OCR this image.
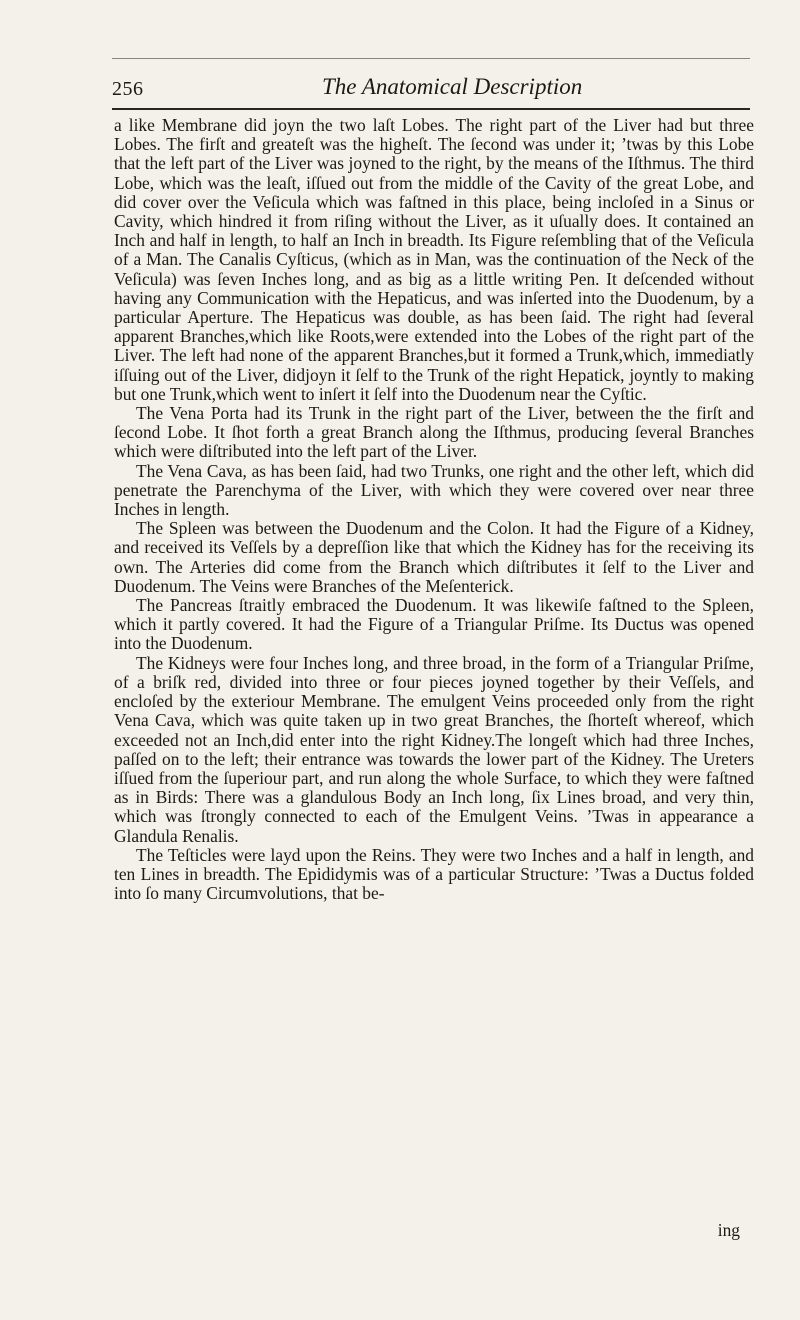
256	The Anatomical Description

a like Membrane did joyn the two laſt Lobes. The right part of the Liver had but three Lobes. The firſt and greateſt was the higheſt. The ſecond was under it; ’twas by this Lobe that the left part of the Liver was joyned to the right, by the means of the Iſthmus. The third Lobe, which was the leaſt, iſſued out from the middle of the Cavity of the great Lobe, and did cover over the Veſicula which was faſtned in this place, being incloſed in a Sinus or Cavity, which hindred it from riſing without the Liver, as it uſually does. It contained an Inch and half in length, to half an Inch in breadth. Its Figure reſembling that of the Veſicula of a Man. The Canalis Cyſticus, (which as in Man, was the continuation of the Neck of the Veſicula) was ſeven Inches long, and as big as a little writing Pen. It deſcended without having any Communication with the Hepaticus, and was inſerted into the Duodenum, by a particular Aperture. The Hepaticus was double, as has been ſaid. The right had ſeveral apparent Branches,which like Roots,were extended into the Lobes of the right part of the Liver. The left had none of the apparent Branches,but it formed a Trunk,which, immediatly iſſuing out of the Liver, didjoyn it ſelf to the Trunk of the right Hepatick, joyntly to making but one Trunk,which went to inſert it ſelf into the Duodenum near the Cyſtic.

The Vena Porta had its Trunk in the right part of the Liver, between the the firſt and ſecond Lobe. It ſhot forth a great Branch along the Iſthmus, producing ſeveral Branches which were diſtributed into the left part of the Liver.

The Vena Cava, as has been ſaid, had two Trunks, one right and the other left, which did penetrate the Parenchyma of the Liver, with which they were covered over near three Inches in length.

The Spleen was between the Duodenum and the Colon. It had the Figure of a Kidney, and received its Veſſels by a depreſſion like that which the Kidney has for the receiving its own. The Arteries did come from the Branch which diſtributes it ſelf to the Liver and Duodenum. The Veins were Branches of the Meſenterick.

The Pancreas ſtraitly embraced the Duodenum. It was likewiſe faſtned to the Spleen, which it partly covered. It had the Figure of a Triangular Priſme. Its Ductus was opened into the Duodenum.

The Kidneys were four Inches long, and three broad, in the form of a Triangular Priſme, of a briſk red, divided into three or four pieces joyned together by their Veſſels, and encloſed by the exteriour Membrane. The emulgent Veins proceeded only from the right Vena Cava, which was quite taken up in two great Branches, the ſhorteſt whereof, which exceeded not an Inch,did enter into the right Kidney.The longeſt which had three Inches, paſſed on to the left; their entrance was towards the lower part of the Kidney. The Ureters iſſued from the ſuperiour part, and run along the whole Surface, to which they were faſtned as in Birds: There was a glandulous Body an Inch long, ſix Lines broad, and very thin, which was ſtrongly connected to each of the Emulgent Veins. ’Twas in appearance a Glandula Renalis.

The Teſticles were layd upon the Reins. They were two Inches and a half in length, and ten Lines in breadth. The Epididymis was of a particular Structure: ’Twas a Ductus folded into ſo many Circumvolutions, that be-

ing
